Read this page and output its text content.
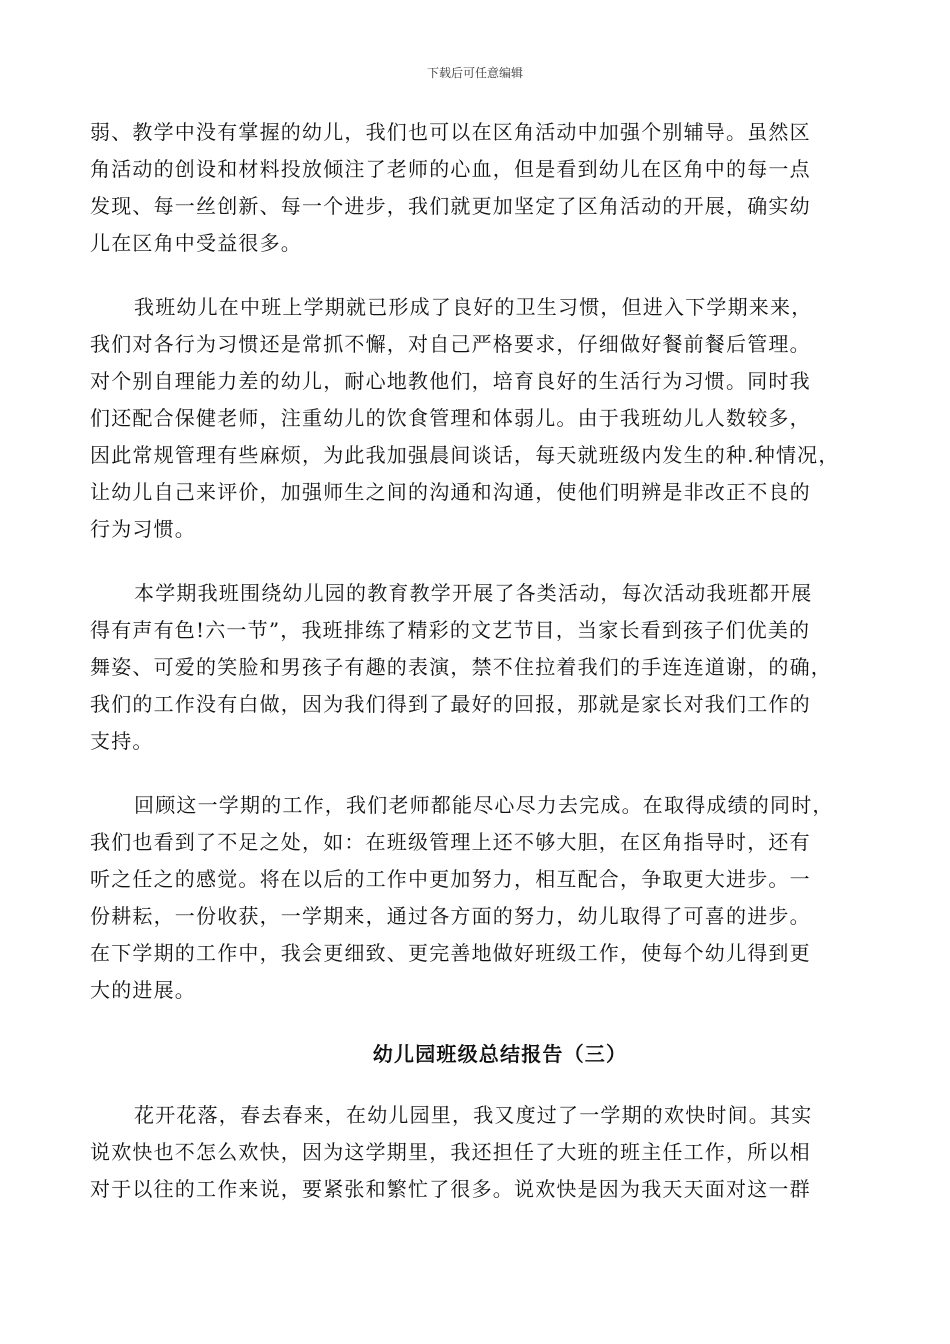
下载后可任意编辑

弱、教学中没有掌握的幼儿，我们也可以在区角活动中加强个别辅导。虽然区
角活动的创设和材料投放倾注了老师的心血，但是看到幼儿在区角中的每一点
发现、每一丝创新、每一个进步，我们就更加坚定了区角活动的开展，确实幼
儿在区角中受益很多。

我班幼儿在中班上学期就已形成了良好的卫生习惯，但进入下学期来来，
我们对各行为习惯还是常抓不懈，对自己严格要求，仔细做好餐前餐后管理。
对个别自理能力差的幼儿，耐心地教他们，培育良好的生活行为习惯。同时我
们还配合保健老师，注重幼儿的饮食管理和体弱儿。由于我班幼儿人数较多，
因此常规管理有些麻烦，为此我加强晨间谈话，每天就班级内发生的种.种情况，
让幼儿自己来评价，加强师生之间的沟通和沟通，使他们明辨是非改正不良的
行为习惯。

本学期我班围绕幼儿园的教育教学开展了各类活动，每次活动我班都开展
得有声有色!六一节”，我班排练了精彩的文艺节目，当家长看到孩子们优美的
舞姿、可爱的笑脸和男孩子有趣的表演，禁不住拉着我们的手连连道谢，的确，
我们的工作没有白做，因为我们得到了最好的回报，那就是家长对我们工作的
支持。

回顾这一学期的工作，我们老师都能尽心尽力去完成。在取得成绩的同时，
我们也看到了不足之处，如：在班级管理上还不够大胆，在区角指导时，还有
听之任之的感觉。将在以后的工作中更加努力，相互配合，争取更大进步。一
份耕耘，一份收获，一学期来，通过各方面的努力，幼儿取得了可喜的进步。
在下学期的工作中，我会更细致、更完善地做好班级工作，使每个幼儿得到更
大的进展。

幼儿园班级总结报告（三）

花开花落，春去春来，在幼儿园里，我又度过了一学期的欢快时间。其实
说欢快也不怎么欢快，因为这学期里，我还担任了大班的班主任工作，所以相
对于以往的工作来说，要紧张和繁忙了很多。说欢快是因为我天天面对这一群
